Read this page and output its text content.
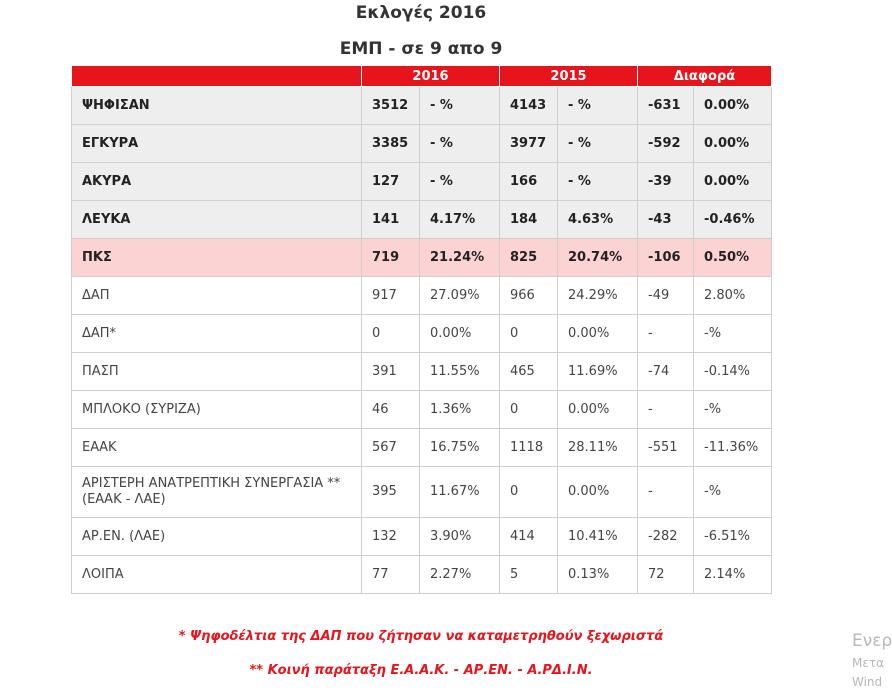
Εκλογές 2016
ΕΜΠ - σε 9 απο 9
	2016		2015		Διαφορά	
ΨΗΦΙΣΑΝ	3512	- %	4143	- %	-631	0.00%
ΕΓΚΥΡΑ	3385	- %	3977	- %	-592	0.00%
ΑΚΥΡΑ	127	- %	166	- %	-39	0.00%
ΛΕΥΚΑ	141	4.17%	184	4.63%	-43	-0.46%
ΠΚΣ	719	21.24%	825	20.74%	-106	0.50%
ΔΑΠ	917	27.09%	966	24.29%	-49	2.80%
ΔΑΠ*	0	0.00%	0	0.00%	-	-%
ΠΑΣΠ	391	11.55%	465	11.69%	-74	-0.14%
ΜΠΛΟΚΟ (ΣΥΡΙΖΑ)	46	1.36%	0	0.00%	-	-%
ΕΑΑΚ	567	16.75%	1118	28.11%	-551	-11.36%
ΑΡΙΣΤΕΡΗ ΑΝΑΤΡΕΠΤΙΚΗ ΣΥΝΕΡΓΑΣΙΑ ** (ΕΑΑΚ - ΛΑΕ)	395	11.67%	0	0.00%	-	-%
ΑΡ.ΕΝ. (ΛΑΕ)	132	3.90%	414	10.41%	-282	-6.51%
ΛΟΙΠΑ	77	2.27%	5	0.13%	72	2.14%
* Ψηφοδέλτια της ΔΑΠ που ζήτησαν να καταμετρηθούν ξεχωριστά
** Κοινή παράταξη Ε.Α.Α.Κ. - ΑΡ.ΕΝ. - Α.ΡΔ.Ι.Ν.
Ενερ
Μετα
Wind
